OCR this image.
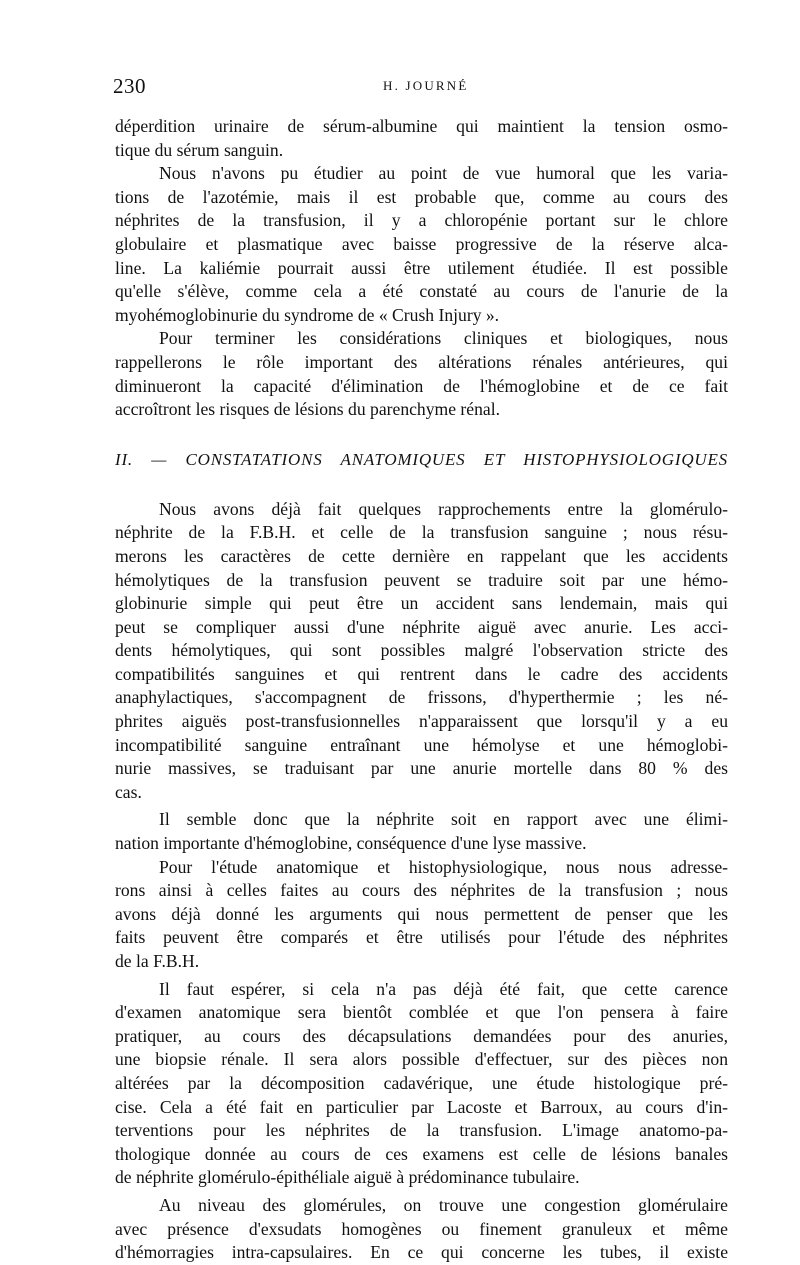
230	H. JOURNÉ
déperdition urinaire de sérum-albumine qui maintient la tension osmo-
tique du sérum sanguin.
Nous n'avons pu étudier au point de vue humoral que les varia-
tions de l'azotémie, mais il est probable que, comme au cours des
néphrites de la transfusion, il y a chloropénie portant sur le chlore
globulaire et plasmatique avec baisse progressive de la réserve alca-
line. La kaliémie pourrait aussi être utilement étudiée. Il est possible
qu'elle s'élève, comme cela a été constaté au cours de l'anurie de la
myohémoglobinurie du syndrome de « Crush Injury ».
Pour terminer les considérations cliniques et biologiques, nous
rappellerons le rôle important des altérations rénales antérieures, qui
diminueront la capacité d'élimination de l'hémoglobine et de ce fait
accroîtront les risques de lésions du parenchyme rénal.
II. — CONSTATATIONS ANATOMIQUES ET HISTOPHYSIOLOGIQUES
Nous avons déjà fait quelques rapprochements entre la glomérulo-
néphrite de la F.B.H. et celle de la transfusion sanguine ; nous résu-
merons les caractères de cette dernière en rappelant que les accidents
hémolytiques de la transfusion peuvent se traduire soit par une hémo-
globinurie simple qui peut être un accident sans lendemain, mais qui
peut se compliquer aussi d'une néphrite aiguë avec anurie. Les acci-
dents hémolytiques, qui sont possibles malgré l'observation stricte des
compatibilités sanguines et qui rentrent dans le cadre des accidents
anaphylactiques, s'accompagnent de frissons, d'hyperthermie ; les né-
phrites aiguës post-transfusionnelles n'apparaissent que lorsqu'il y a eu
incompatibilité sanguine entraînant une hémolyse et une hémoglobi-
nurie massives, se traduisant par une anurie mortelle dans 80 % des
cas.
Il semble donc que la néphrite soit en rapport avec une élimi-
nation importante d'hémoglobine, conséquence d'une lyse massive.
Pour l'étude anatomique et histophysiologique, nous nous adresse-
rons ainsi à celles faites au cours des néphrites de la transfusion ; nous
avons déjà donné les arguments qui nous permettent de penser que les
faits peuvent être comparés et être utilisés pour l'étude des néphrites
de la F.B.H.
Il faut espérer, si cela n'a pas déjà été fait, que cette carence
d'examen anatomique sera bientôt comblée et que l'on pensera à faire
pratiquer, au cours des décapsulations demandées pour des anuries,
une biopsie rénale. Il sera alors possible d'effectuer, sur des pièces non
altérées par la décomposition cadavérique, une étude histologique pré-
cise. Cela a été fait en particulier par Lacoste et Barroux, au cours d'in-
terventions pour les néphrites de la transfusion. L'image anatomo-pa-
thologique donnée au cours de ces examens est celle de lésions banales
de néphrite glomérulo-épithéliale aiguë à prédominance tubulaire.
Au niveau des glomérules, on trouve une congestion glomérulaire
avec présence d'exsudats homogènes ou finement granuleux et même
d'hémorragies intra-capsulaires. En ce qui concerne les tubes, il existe
